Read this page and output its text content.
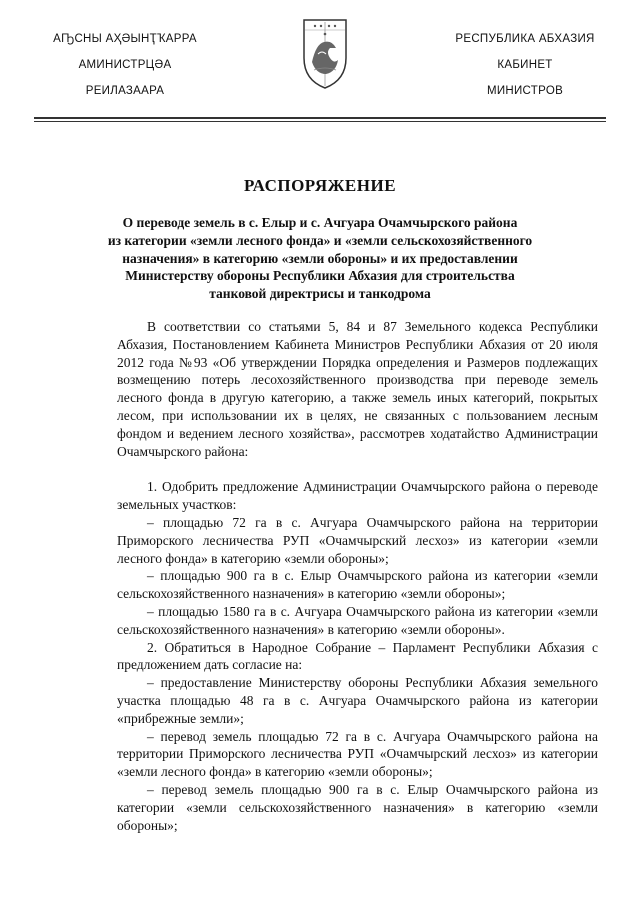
АҦСНЫ АҲӘЫНҬҠАРРА
АМИНИСТРЦӘА
РЕИЛАЗААРА
РЕСПУБЛИКА АБХАЗИЯ
КАБИНЕТ
МИНИСТРОВ
РАСПОРЯЖЕНИЕ
О переводе земель в с. Елыр и с. Ачгуара Очамчырского района
из категории «земли лесного фонда» и «земли сельскохозяйственного
назначения» в категорию «земли обороны» и их предоставлении
Министерству обороны Республики Абхазия для строительства
танковой директрисы и танкодрома

В соответствии со статьями 5, 84 и 87 Земельного кодекса Республики Абхазия, Постановлением Кабинета Министров Республики Абхазия от 20 июля 2012 года №93 «Об утверждении Порядка определения и Размеров подлежащих возмещению потерь лесохозяйственного производства при переводе земель лесного фонда в другую категорию, а также земель иных категорий, покрытых лесом, при использовании их в целях, не связанных с пользованием лесным фондом и ведением лесного хозяйства», рассмотрев ходатайство Администрации Очамчырского района:

1. Одобрить предложение Администрации Очамчырского района о переводе земельных участков:

– площадью 72 га в с. Ачгуара Очамчырского района на территории Приморского лесничества РУП «Очамчырский лесхоз» из категории «земли лесного фонда» в категорию «земли обороны»;

– площадью 900 га в с. Елыр Очамчырского района из категории «земли сельскохозяйственного назначения» в категорию «земли обороны»;

– площадью 1580 га в с. Ачгуара Очамчырского района из категории «земли сельскохозяйственного назначения» в категорию «земли обороны».

2. Обратиться в Народное Собрание – Парламент Республики Абхазия с предложением дать согласие на:

– предоставление Министерству обороны Республики Абхазия земельного участка площадью 48 га в с. Ачгуара Очамчырского района из категории «прибрежные земли»;

– перевод земель площадью 72 га в с. Ачгуара Очамчырского района на территории Приморского лесничества РУП «Очамчырский лесхоз» из категории «земли лесного фонда» в категорию «земли обороны»;

– перевод земель площадью 900 га в с. Елыр Очамчырского района из категории «земли сельскохозяйственного назначения» в категорию «земли обороны»;
